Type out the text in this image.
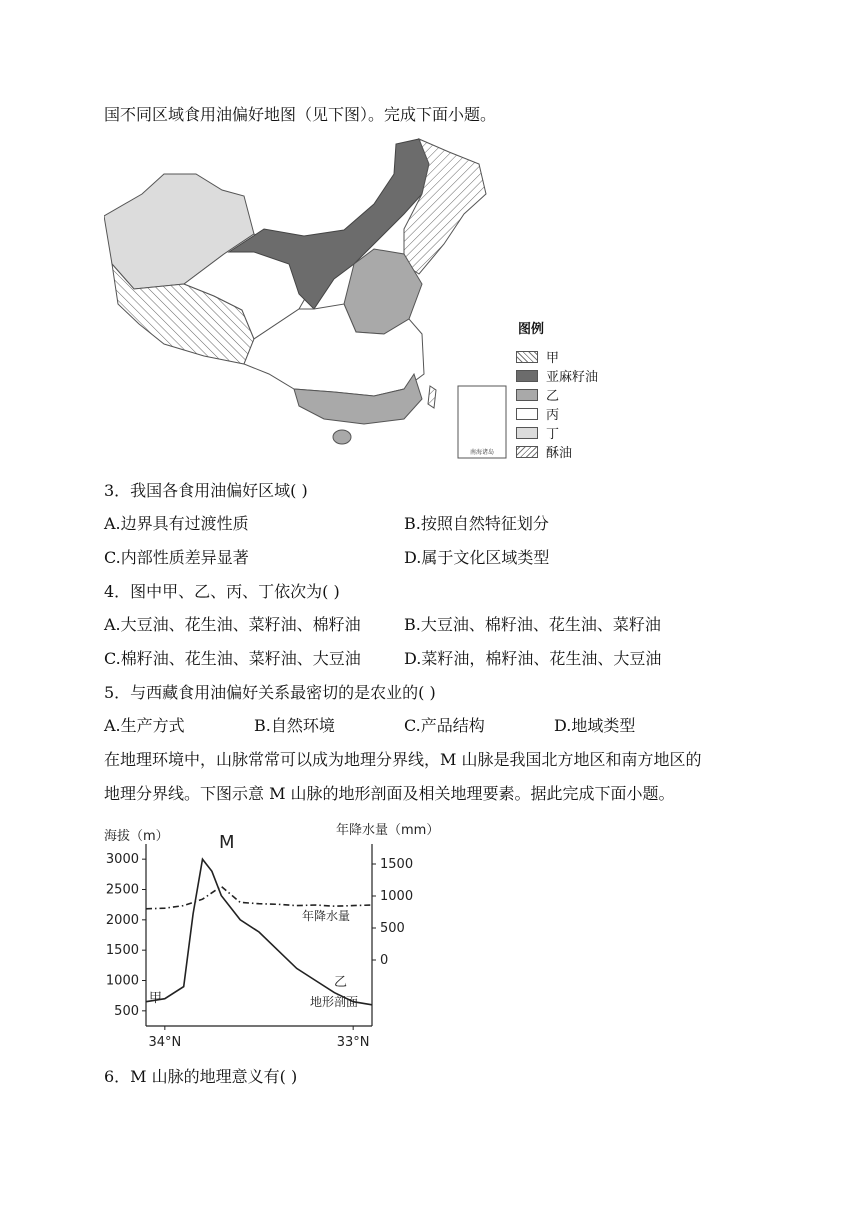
国不同区域食用油偏好地图（见下图）。完成下面小题。
南海诸岛
图例
甲
亚麻籽油
乙
丙
丁
酥油
3．我国各食用油偏好区域( )
A.边界具有过渡性质	B.按照自然特征划分
C.内部性质差异显著	D.属于文化区域类型
4．图中甲、乙、丙、丁依次为( )
A.大豆油、花生油、菜籽油、棉籽油	B.大豆油、棉籽油、花生油、菜籽油
C.棉籽油、花生油、菜籽油、大豆油	D.菜籽油，棉籽油、花生油、大豆油
5．与西藏食用油偏好关系最密切的是农业的( )
A.生产方式	B.自然环境	C.产品结构	D.地域类型
在地理环境中，山脉常常可以成为地理分界线，M 山脉是我国北方地区和南方地区的
地理分界线。下图示意 M 山脉的地形剖面及相关地理要素。据此完成下面小题。
海拔（m）	年降水量（mm）
500
1000
1500
2000
2500
3000
0
500
1000
1500
34°N	33°N
M
甲
乙
年降水量
地形剖面
6．M 山脉的地理意义有( )
